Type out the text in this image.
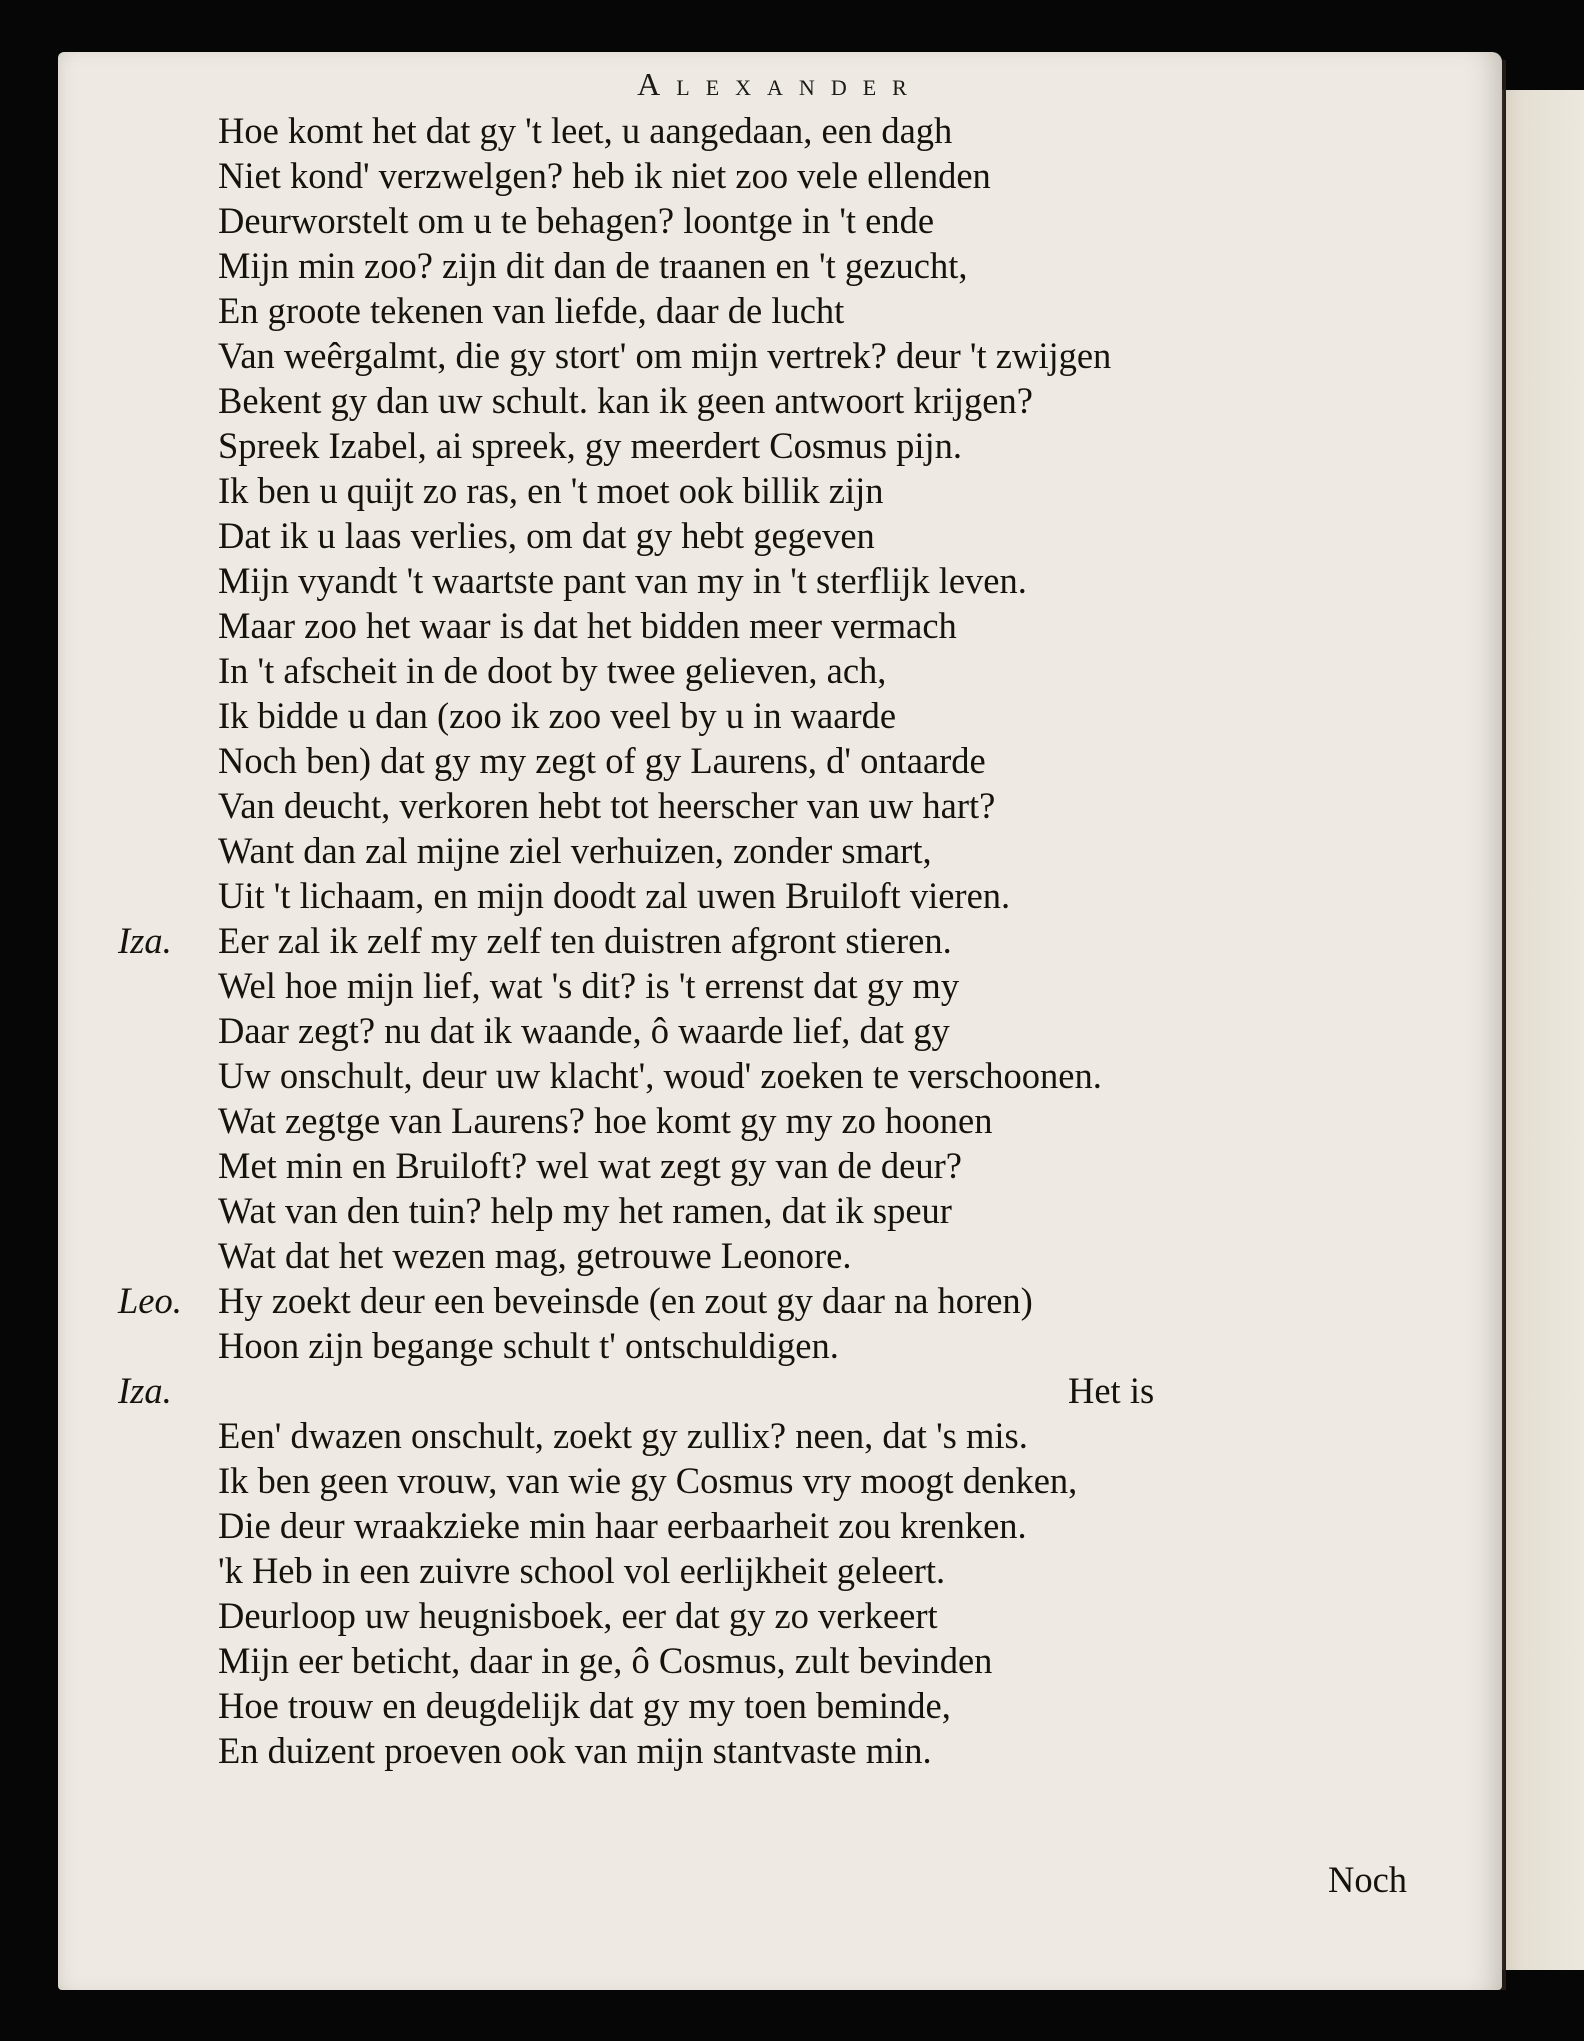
Alexander
Hoe komt het dat gy 't leet, u aangedaan, een dagh
Niet kond' verzwelgen? heb ik niet zoo vele ellenden
Deurworstelt om u te behagen? loontge in 't ende
Mijn min zoo? zijn dit dan de traanen en 't gezucht,
En groote tekenen van liefde, daar de lucht
Van weêrgalmt, die gy stort' om mijn vertrek? deur 't zwijgen
Bekent gy dan uw schult. kan ik geen antwoort krijgen?
Spreek Izabel, ai spreek, gy meerdert Cosmus pijn.
Ik ben u quijt zo ras, en 't moet ook billik zijn
Dat ik u laas verlies, om dat gy hebt gegeven
Mijn vyandt 't waartste pant van my in 't sterflijk leven.
Maar zoo het waar is dat het bidden meer vermach
In 't afscheit in de doot by twee gelieven, ach,
Ik bidde u dan (zoo ik zoo veel by u in waarde
Noch ben) dat gy my zegt of gy Laurens, d' ontaarde
Van deucht, verkoren hebt tot heerscher van uw hart?
Want dan zal mijne ziel verhuizen, zonder smart,
Uit 't lichaam, en mijn doodt zal uwen Bruiloft vieren.
Iza. Eer zal ik zelf my zelf ten duistren afgront stieren.
Wel hoe mijn lief, wat 's dit? is 't errenst dat gy my
Daar zegt? nu dat ik waande, ô waarde lief, dat gy
Uw onschult, deur uw klacht', woud' zoeken te verschoonen.
Wat zegtge van Laurens? hoe komt gy my zo hoonen
Met min en Bruiloft? wel wat zegt gy van de deur?
Wat van den tuin? help my het ramen, dat ik speur
Wat dat het wezen mag, getrouwe Leonore.
Leo. Hy zoekt deur een beveinsde (en zout gy daar na horen)
Hoon zijn begange schult t' ontschuldigen.
Iza.	Het is
Een' dwazen onschult, zoekt gy zullix? neen, dat 's mis.
Ik ben geen vrouw, van wie gy Cosmus vry moogt denken,
Die deur wraakzieke min haar eerbaarheit zou krenken.
'k Heb in een zuivre school vol eerlijkheit geleert.
Deurloop uw heugnisboek, eer dat gy zo verkeert
Mijn eer beticht, daar in ge, ô Cosmus, zult bevinden
Hoe trouw en deugdelijk dat gy my toen beminde,
En duizent proeven ook van mijn stantvaste min.
Noch
